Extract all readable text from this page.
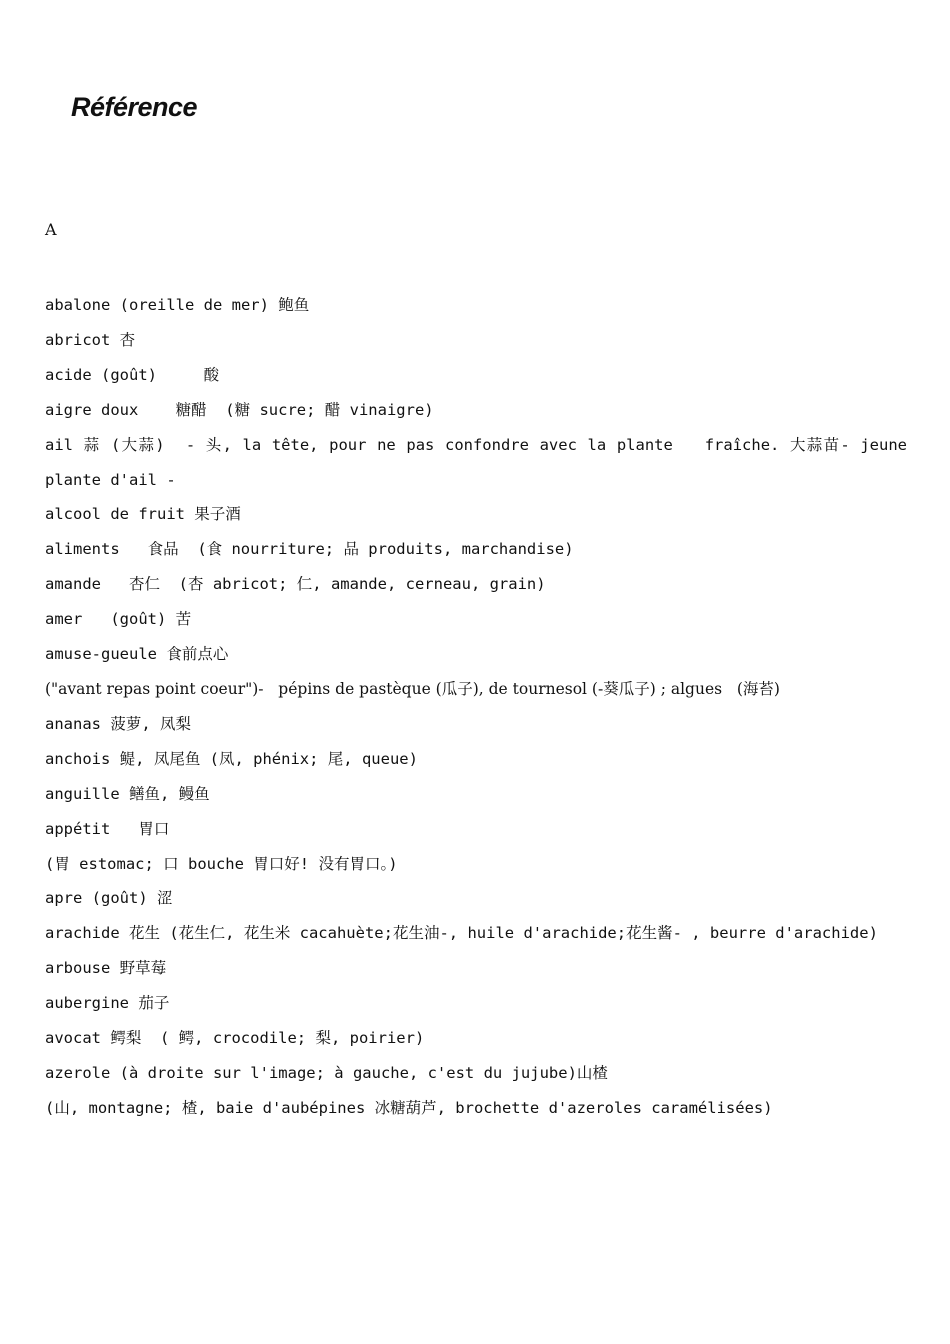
Référence
A
abalone (oreille de mer) 鲍鱼
abricot 杏
acide (goût)     酸
aigre doux    糖醋  (糖 sucre; 醋 vinaigre)
ail 蒜 (大蒜)  - 头, la tête, pour ne pas confondre avec la plante   fraîche. 大蒜苗- jeune plante d'ail -
alcool de fruit 果子酒
aliments   食品  (食 nourriture; 品 produits, marchandise)
amande   杏仁  (杏 abricot; 仁, amande, cerneau, grain)
amer   (goût) 苦
amuse-gueule 食前点心
("avant repas point coeur")-   pépins de pastèque (瓜子), de tournesol (-葵瓜子) ; algues   (海苔)
ananas 菠萝, 凤梨
anchois 鳀, 凤尾鱼 (凤, phénix; 尾, queue)
anguille 鳝鱼, 鳗鱼
appétit   胃口
(胃 estomac; 口 bouche 胃口好! 没有胃口。)
apre (goût) 涩
arachide 花生 (花生仁, 花生米 cacahuète;花生油-, huile d'arachide;花生酱- , beurre d'arachide)
arbouse 野草莓
aubergine 茄子
avocat 鳄梨  ( 鳄, crocodile; 梨, poirier)
azerole (à droite sur l'image; à gauche, c'est du jujube)山楂
(山, montagne; 楂, baie d'aubépines 冰糖葫芦, brochette d'azeroles caramélisées)
